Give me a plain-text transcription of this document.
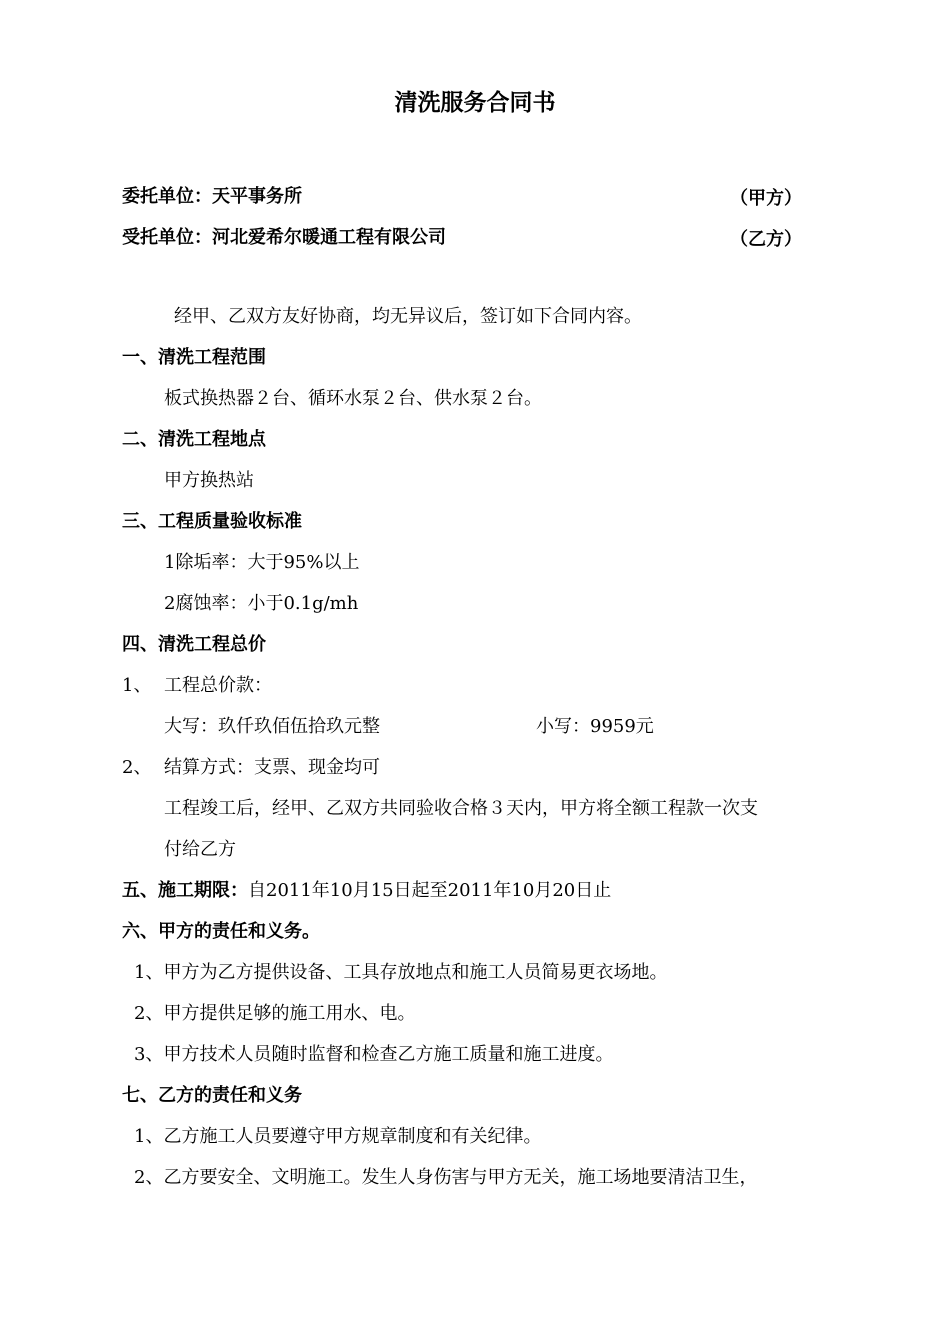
清洗服务合同书
委托单位：天平事务所	（甲方）
受托单位：河北爱希尔暖通工程有限公司	（乙方）
经甲、乙双方友好协商，均无异议后，签订如下合同内容。
一、清洗工程范围
板式换热器２台、循环水泵２台、供水泵２台。
二、清洗工程地点
甲方换热站
三、工程质量验收标准
1除垢率：大于95%以上
2腐蚀率：小于0.1g/mh
四、清洗工程总价
1、 工程总价款：
大写：玖仟玖佰伍拾玖元整	小写：9959元
2、 结算方式：支票、现金均可
工程竣工后，经甲、乙双方共同验收合格３天内，甲方将全额工程款一次支
付给乙方
五、施工期限：自2011年10月15日起至2011年10月20日止
六、甲方的责任和义务。
1、甲方为乙方提供设备、工具存放地点和施工人员简易更衣场地。
2、甲方提供足够的施工用水、电。
3、甲方技术人员随时监督和检查乙方施工质量和施工进度。
七、乙方的责任和义务
1、乙方施工人员要遵守甲方规章制度和有关纪律。
2、乙方要安全、文明施工。发生人身伤害与甲方无关，施工场地要清洁卫生，
